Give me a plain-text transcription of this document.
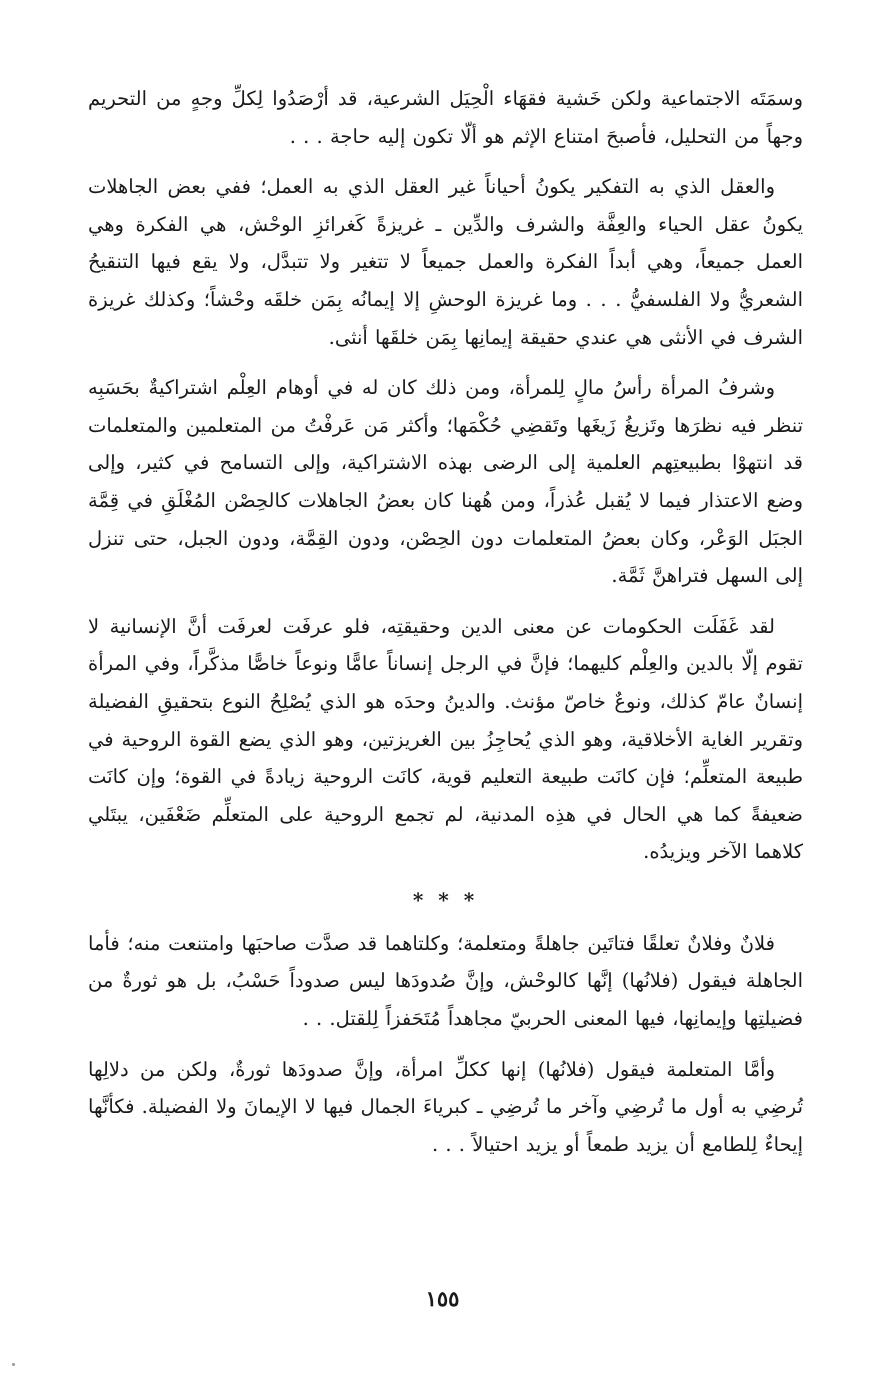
وسمَتَه الاجتماعية ولكن خَشية فقهَاء الْحِيَل الشرعية، قد أرْصَدُوا لِكلِّ وجهٍ من التحريم وجهاً من التحليل، فأصبحَ امتناع الإثم هو ألّا تكون إليه حاجة . . .

والعقل الذي به التفكير يكونُ أحياناً غير العقل الذي به العمل؛ ففي بعض الجاهلات يكونُ عقل الحياء والعِفَّة والشرف والدِّين ـ غريزةً كَغرائزِ الوحْش، هي الفكرة وهي العمل جميعاً، وهي أبداً الفكرة والعمل جميعاً لا تتغير ولا تتبدَّل، ولا يقع فيها التنقيحُ الشعريُّ ولا الفلسفيُّ . . . وما غريزة الوحشِ إلا إيمانُه بِمَن خلقَه وحْشاً؛ وكذلك غريزة الشرف في الأنثى هي عندي حقيقة إيمانِها بِمَن خلقَها أنثى.

وشرفُ المرأة رأسُ مالٍ لِلمرأة، ومن ذلك كان له في أوهام العِلْم اشتراكيةٌ بحَسَبِه تنظر فيه نظرَها وتَزيغُ زَيغَها وتَقضِي حُكْمَها؛ وأكثر مَن عَرفْتُ من المتعلمين والمتعلمات قد انتهوْا بطبيعتِهم العلمية إلى الرضى بهذه الاشتراكية، وإلى التسامح في كثير، وإلى وضع الاعتذار فيما لا يُقبل عُذراً، ومن هُهنا كان بعضُ الجاهلات كالحِصْن المُغْلَقِ في قِمَّة الجبَل الوَعْر، وكان بعضُ المتعلمات دون الحِصْن، ودون القِمَّة، ودون الجبل، حتى تنزل إلى السهل فتراهنَّ ثَمَّة.

لقد غَفَلَت الحكومات عن معنى الدين وحقيقتِه، فلو عرفَت لعرفَت أنَّ الإنسانية لا تقوم إلّا بالدين والعِلْم كليهما؛ فإنَّ في الرجل إنساناً عامًّا ونوعاً خاصًّا مذكَّراً، وفي المرأة إنسانٌ عامّ كذلك، ونوعٌ خاصّ مؤنث. والدينُ وحدَه هو الذي يُصْلِحُ النوع بتحقيقِ الفضيلة وتقرير الغاية الأخلاقية، وهو الذي يُحاجِزُ بين الغريزتين، وهو الذي يضع القوة الروحية في طبيعة المتعلِّم؛ فإن كانَت طبيعة التعليم قوية، كانَت الروحية زيادةً في القوة؛ وإن كانَت ضعيفةً كما هي الحال في هذِه المدنية، لم تجمع الروحية على المتعلِّم ضَعْفَين، يبتَلي كلاهما الآخر ويزيدُه.

* * *

فلانٌ وفلانٌ تعلقًا فتاتَين جاهلةً ومتعلمة؛ وكلتاهما قد صدَّت صاحبَها وامتنعت منه؛ فأما الجاهلة فيقول (فلانُها) إنَّها كالوحْش، وإنَّ صُدودَها ليس صدوداً حَسْبُ، بل هو ثورةٌ من فضيلتِها وإيمانِها، فيها المعنى الحربيّ مجاهداً مُتَحَفزاً لِلقتل. . .

وأمَّا المتعلمة فيقول (فلانُها) إنها ككلِّ امرأة، وإنَّ صدودَها ثورةٌ، ولكن من دلالِها تُرضِي به أول ما تُرضِي وآخر ما تُرضِي ـ كبرياءَ الجمال فيها لا الإيمانَ ولا الفضيلة. فكأنَّها إيحاءٌ لِلطامع أن يزيد طمعاً أو يزيد احتيالاً . . .

١٥٥
